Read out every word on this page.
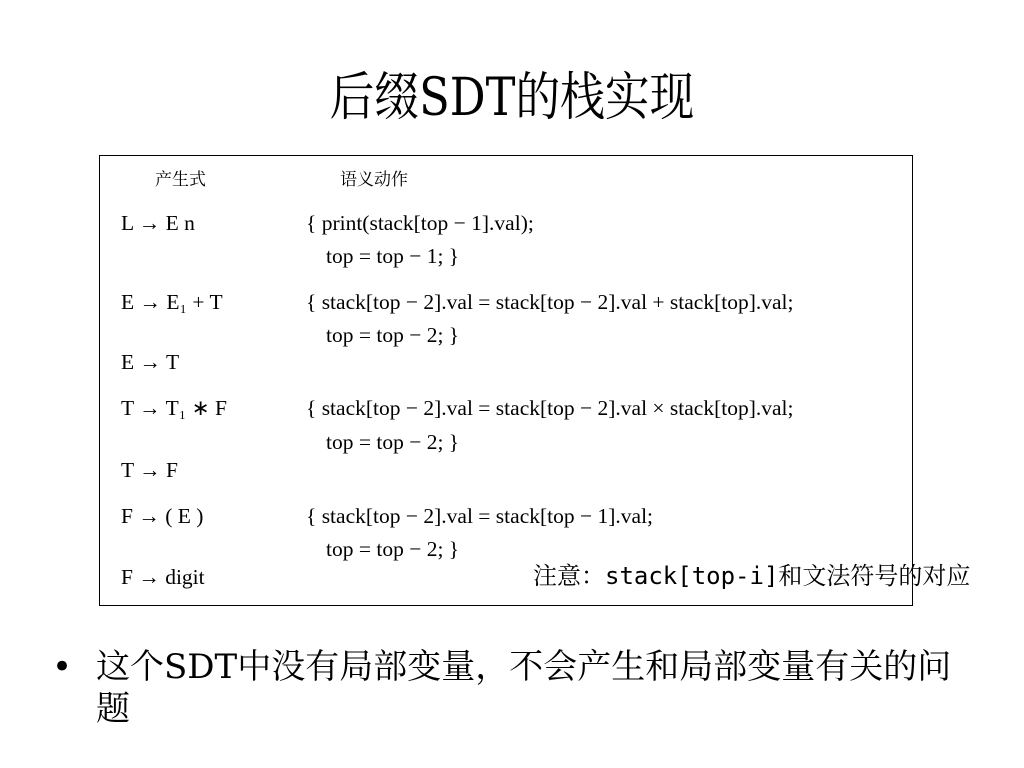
后缀SDT的栈实现
产生式	语义动作
L → E n	{ print(stack[top − 1].val);
top = top − 1; }
E → E₁ + T	{ stack[top − 2].val = stack[top − 2].val + stack[top].val;
top = top − 2; }
E → T
T → T₁ ∗ F	{ stack[top − 2].val = stack[top − 2].val × stack[top].val;
top = top − 2; }
T → F
F → ( E )	{ stack[top − 2].val = stack[top − 1].val;
top = top − 2; }
F → digit	注意：stack[top-i]和文法符号的对应
• 这个SDT中没有局部变量，不会产生和局部变量有关的问题
